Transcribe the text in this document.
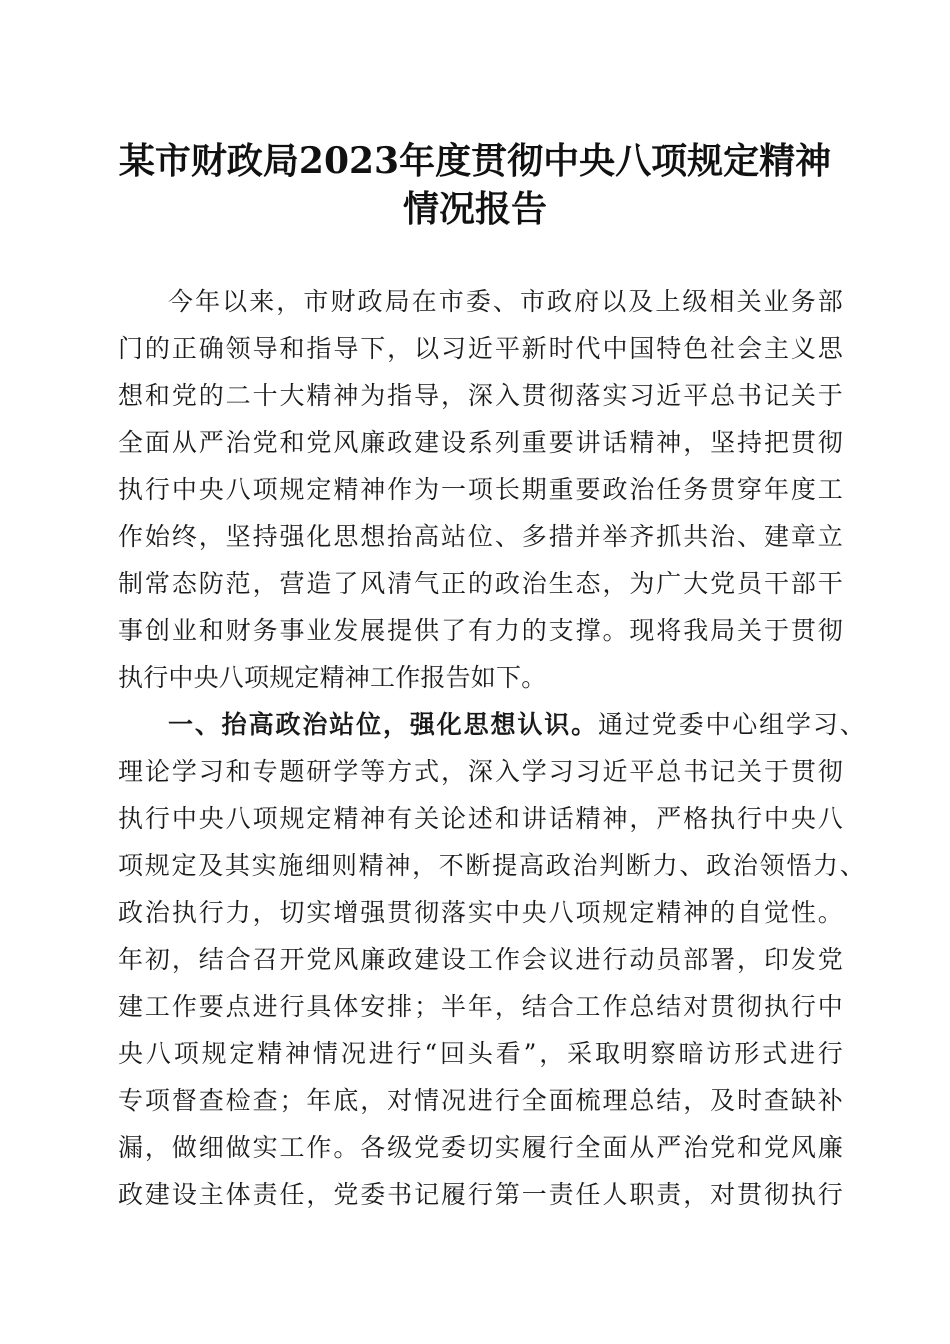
某市财政局2023年度贯彻中央八项规定精神
情况报告
今年以来，市财政局在市委、市政府以及上级相关业务部
门的正确领导和指导下，以习近平新时代中国特色社会主义思
想和党的二十大精神为指导，深入贯彻落实习近平总书记关于
全面从严治党和党风廉政建设系列重要讲话精神，坚持把贯彻
执行中央八项规定精神作为一项长期重要政治任务贯穿年度工
作始终，坚持强化思想抬高站位、多措并举齐抓共治、建章立
制常态防范，营造了风清气正的政治生态，为广大党员干部干
事创业和财务事业发展提供了有力的支撑。现将我局关于贯彻
执行中央八项规定精神工作报告如下。
一、抬高政治站位，强化思想认识。通过党委中心组学习、
理论学习和专题研学等方式，深入学习习近平总书记关于贯彻
执行中央八项规定精神有关论述和讲话精神，严格执行中央八
项规定及其实施细则精神，不断提高政治判断力、政治领悟力、
政治执行力，切实增强贯彻落实中央八项规定精神的自觉性。
年初，结合召开党风廉政建设工作会议进行动员部署，印发党
建工作要点进行具体安排；半年，结合工作总结对贯彻执行中
央八项规定精神情况进行“回头看”，采取明察暗访形式进行
专项督查检查；年底，对情况进行全面梳理总结，及时查缺补
漏，做细做实工作。各级党委切实履行全面从严治党和党风廉
政建设主体责任，党委书记履行第一责任人职责，对贯彻执行
